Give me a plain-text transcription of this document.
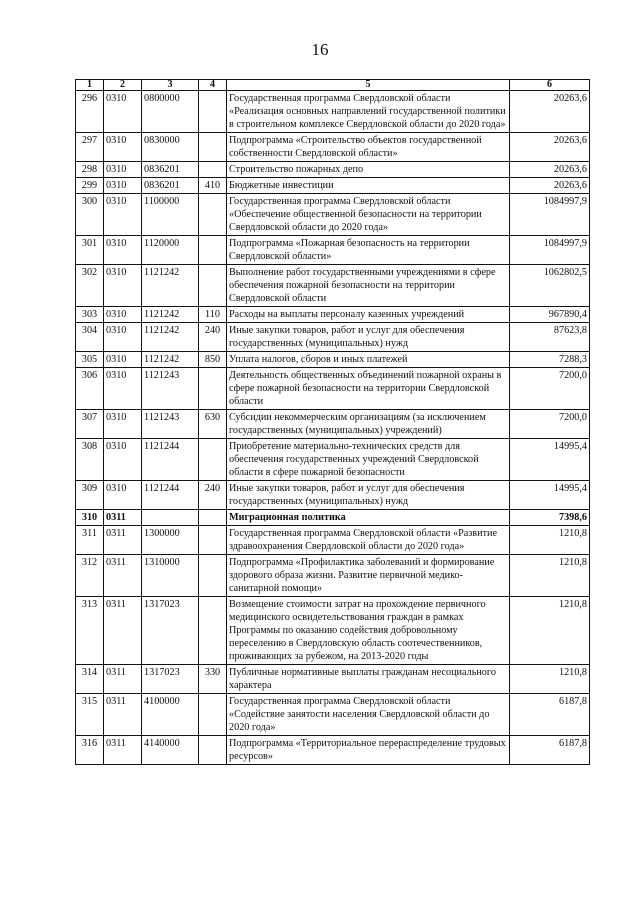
16
1	2	3	4	5	6
296	0310	0800000		Государственная программа Свердловской области «Реализация основных направлений государственной политики в строительном комплексе Свердловской области до 2020 года»	20263,6
297	0310	0830000		Подпрограмма «Строительство объектов государственной собственности Свердловской области»	20263,6
298	0310	0836201		Строительство пожарных депо	20263,6
299	0310	0836201	410	Бюджетные инвестиции	20263,6
300	0310	1100000		Государственная программа Свердловской области «Обеспечение общественной безопасности на территории Свердловской области до 2020 года»	1084997,9
301	0310	1120000		Подпрограмма «Пожарная безопасность на территории Свердловской области»	1084997,9
302	0310	1121242		Выполнение работ государственными учреждениями в сфере обеспечения пожарной безопасности на территории Свердловской области	1062802,5
303	0310	1121242	110	Расходы на выплаты персоналу казенных учреждений	967890,4
304	0310	1121242	240	Иные закупки товаров, работ и услуг для обеспечения государственных (муниципальных) нужд	87623,8
305	0310	1121242	850	Уплата налогов, сборов и иных платежей	7288,3
306	0310	1121243		Деятельность общественных объединений пожарной охраны в сфере пожарной безопасности на территории Свердловской области	7200,0
307	0310	1121243	630	Субсидии некоммерческим организациям (за исключением государственных (муниципальных) учреждений)	7200,0
308	0310	1121244		Приобретение материально-технических средств для обеспечения государственных учреждений Свердловской области в сфере пожарной безопасности	14995,4
309	0310	1121244	240	Иные закупки товаров, работ и услуг для обеспечения государственных (муниципальных) нужд	14995,4
310	0311			Миграционная политика	7398,6
311	0311	1300000		Государственная программа Свердловской области «Развитие здравоохранения Свердловской области до 2020 года»	1210,8
312	0311	1310000		Подпрограмма «Профилактика заболеваний и формирование здорового образа жизни. Развитие первичной медико-санитарной помощи»	1210,8
313	0311	1317023		Возмещение стоимости затрат на прохождение первичного медицинского освидетельствования граждан в рамках Программы по оказанию содействия добровольному переселению в Свердловскую область соотечественников, проживающих за рубежом, на 2013-2020 годы	1210,8
314	0311	1317023	330	Публичные нормативные выплаты гражданам несоциального характера	1210,8
315	0311	4100000		Государственная программа Свердловской области «Содействие занятости населения Свердловской области до 2020 года»	6187,8
316	0311	4140000		Подпрограмма «Территориальное перераспределение трудовых ресурсов»	6187,8
